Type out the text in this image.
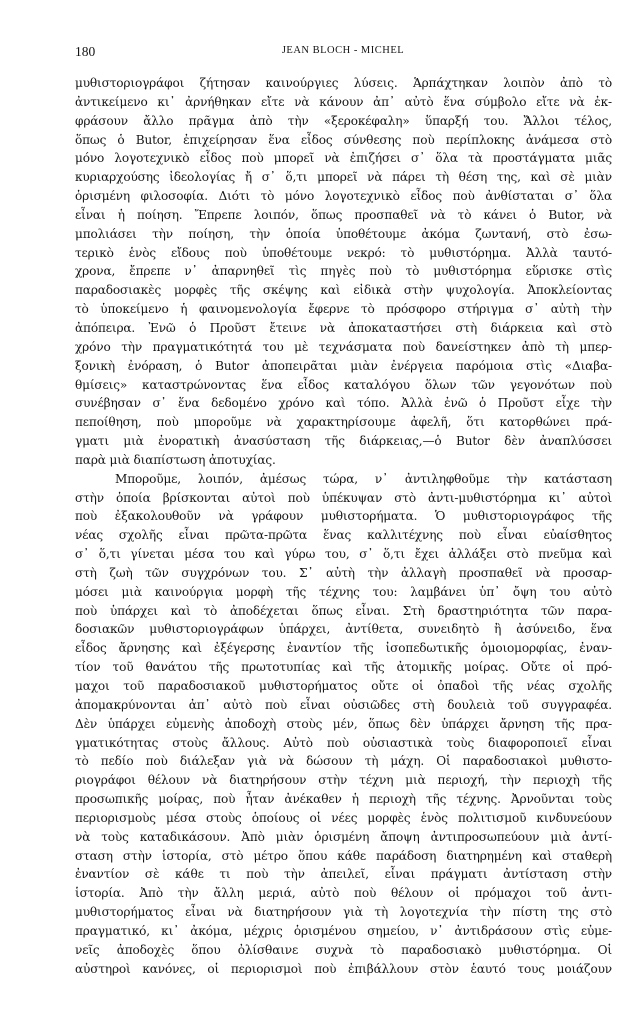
180	JEAN BLOCH - MICHEL
μυθιστοριογράφοι ζήτησαν καινούργιες λύσεις. Ἁρπάχτηκαν λοιπὸν ἀπὸ τὸ
ἀντικείμενο κι᾿ ἀρνήθηκαν εἴτε νὰ κάνουν ἀπ᾿ αὐτὸ ἕνα σύμβολο εἴτε νὰ ἐκ-
φράσουν ἄλλο πρᾶγμα ἀπὸ τὴν «ξεροκέφαλη» ὕπαρξή του. Ἄλλοι τέλος,
ὅπως ὁ Butor, ἐπιχείρησαν ἕνα εἶδος σύνθεσης ποὺ περίπλοκης ἀνάμεσα στὸ
μόνο λογοτεχνικὸ εἶδος ποὺ μπορεῖ νὰ ἐπιζήσει σ᾿ ὅλα τὰ προστάγματα μιᾶς
κυριαρχούσης ἰδεολογίας ἤ σ᾿ ὅ,τι μπορεῖ νὰ πάρει τὴ θέση της, καὶ σὲ μιὰν
ὁρισμένη φιλοσοφία. Διότι τὸ μόνο λογοτεχνικὸ εἶδος ποὺ ἀνθίσταται σ᾿ ὅλα
εἶναι ἡ ποίηση. Ἔπρεπε λοιπόν, ὅπως προσπαθεῖ νὰ τὸ κάνει ὁ Butor, νὰ
μπολιάσει τὴν ποίηση, τὴν ὁποία ὑποθέτουμε ἀκόμα ζωντανή, στὸ ἐσω-
τερικὸ ἑνὸς εἴδους ποὺ ὑποθέτουμε νεκρό: τὸ μυθιστόρημα. Ἀλλὰ ταυτό-
χρονα, ἔπρεπε ν᾿ ἀπαρνηθεῖ τὶς πηγὲς ποὺ τὸ μυθιστόρημα εὕρισκε στὶς
παραδοσιακὲς μορφὲς τῆς σκέψης καὶ εἰδικὰ στὴν ψυχολογία. Ἀποκλείοντας
τὸ ὑποκείμενο ἡ φαινομενολογία ἔφερνε τὸ πρόσφορο στήριγμα σ᾿ αὐτὴ τὴν
ἀπόπειρα. Ἐνῶ ὁ Προῦστ ἔτεινε νὰ ἀποκαταστήσει στὴ διάρκεια καὶ στὸ
χρόνο τὴν πραγματικότητά του μὲ τεχνάσματα ποὺ δανείστηκεν ἀπὸ τὴ μπερ-
ξονικὴ ἐνόραση, ὁ Butor ἀποπειρᾶται μιὰν ἐνέργεια παρόμοια στὶς «Διαβα-
θμίσεις» καταστρώνοντας ἕνα εἶδος καταλόγου ὅλων τῶν γεγονότων ποὺ
συνέβησαν σ᾿ ἕνα δεδομένο χρόνο καὶ τόπο. Ἀλλὰ ἐνῶ ὁ Προῦστ εἶχε τὴν
πεποίθηση, ποὺ μποροῦμε νὰ χαρακτηρίσουμε ἀφελῆ, ὅτι κατορθώνει πρά-
γματι μιὰ ἐνορατικὴ ἀνασύσταση τῆς διάρκειας,—ὁ Butor δὲν ἀναπλύσσει
παρὰ μιὰ διαπίστωση ἀποτυχίας.
Μποροῦμε, λοιπόν, ἀμέσως τώρα, ν᾿ ἀντιληφθοῦμε τὴν κατάσταση
στὴν ὁποία βρίσκονται αὐτοὶ ποὺ ὑπέκυψαν στὸ ἀντι-μυθιστόρημα κι᾿ αὐτοὶ
ποὺ ἐξακολουθοῦν νὰ γράφουν μυθιστορήματα. Ὁ μυθιστοριογράφος τῆς
νέας σχολῆς εἶναι πρῶτα-πρῶτα ἕνας καλλιτέχνης ποὺ εἶναι εὐαίσθητος
σ᾿ ὅ,τι γίνεται μέσα του καὶ γύρω του, σ᾿ ὅ,τι ἔχει ἀλλάξει στὸ πνεῦμα καὶ
στὴ ζωὴ τῶν συγχρόνων του. Σ᾿ αὐτὴ τὴν ἀλλαγὴ προσπαθεῖ νὰ προσαρ-
μόσει μιὰ καινούργια μορφὴ τῆς τέχνης του: λαμβάνει ὑπ᾿ ὄψη του αὐτὸ
ποὺ ὑπάρχει καὶ τὸ ἀποδέχεται ὅπως εἶναι. Στὴ δραστηριότητα τῶν παρα-
δοσιακῶν μυθιστοριογράφων ὑπάρχει, ἀντίθετα, συνειδητὸ ἢ ἀσύνειδο, ἕνα
εἶδος ἄρνησης καὶ ἐξέγερσης ἐναντίον τῆς ἰσοπεδωτικῆς ὁμοιομορφίας, ἐναν-
τίον τοῦ θανάτου τῆς πρωτοτυπίας καὶ τῆς ἀτομικῆς μοίρας. Οὔτε οἱ πρό-
μαχοι τοῦ παραδοσιακοῦ μυθιστορήματος οὔτε οἱ ὀπαδοὶ τῆς νέας σχολῆς
ἀπομακρύνονται ἀπ᾿ αὐτὸ ποὺ εἶναι οὐσιῶδες στὴ δουλειὰ τοῦ συγγραφέα.
Δὲν ὑπάρχει εὐμενὴς ἀποδοχὴ στοὺς μέν, ὅπως δὲν ὑπάρχει ἄρνηση τῆς πρα-
γματικότητας στοὺς ἄλλους. Αὐτὸ ποὺ οὐσιαστικὰ τοὺς διαφοροποιεῖ εἶναι
τὸ πεδίο ποὺ διάλεξαν γιὰ νὰ δώσουν τὴ μάχη. Οἱ παραδοσιακοὶ μυθιστο-
ριογράφοι θέλουν νὰ διατηρήσουν στὴν τέχνη μιὰ περιοχή, τὴν περιοχὴ τῆς
προσωπικῆς μοίρας, ποὺ ἦταν ἀνέκαθεν ἡ περιοχὴ τῆς τέχνης. Ἀρνοῦνται τοὺς
περιορισμοὺς μέσα στοὺς ὁποίους οἱ νέες μορφὲς ἑνὸς πολιτισμοῦ κινδυνεύουν
νὰ τοὺς καταδικάσουν. Ἀπὸ μιὰν ὁρισμένη ἄποψη ἀντιπροσωπεύουν μιὰ ἀντί-
σταση στὴν ἱστορία, στὸ μέτρο ὅπου κάθε παράδοση διατηρημένη καὶ σταθερὴ
ἐναντίον σὲ κάθε τι ποὺ τὴν ἀπειλεῖ, εἶναι πράγματι ἀντίσταση στὴν
ἱστορία. Ἀπὸ τὴν ἄλλη μεριά, αὐτὸ ποὺ θέλουν οἱ πρόμαχοι τοῦ ἀντι-
μυθιστορήματος εἶναι νὰ διατηρήσουν γιὰ τὴ λογοτεχνία τὴν πίστη της στὸ
πραγματικό, κι᾿ ἀκόμα, μέχρις ὁρισμένου σημείου, ν᾿ ἀντιδράσουν στὶς εὐμε-
νεῖς ἀποδοχὲς ὅπου ὀλίσθαινε συχνὰ τὸ παραδοσιακὸ μυθιστόρημα. Οἱ
αὐστηροὶ κανόνες, οἱ περιορισμοὶ ποὺ ἐπιβάλλουν στὸν ἑαυτό τους μοιάζουν
